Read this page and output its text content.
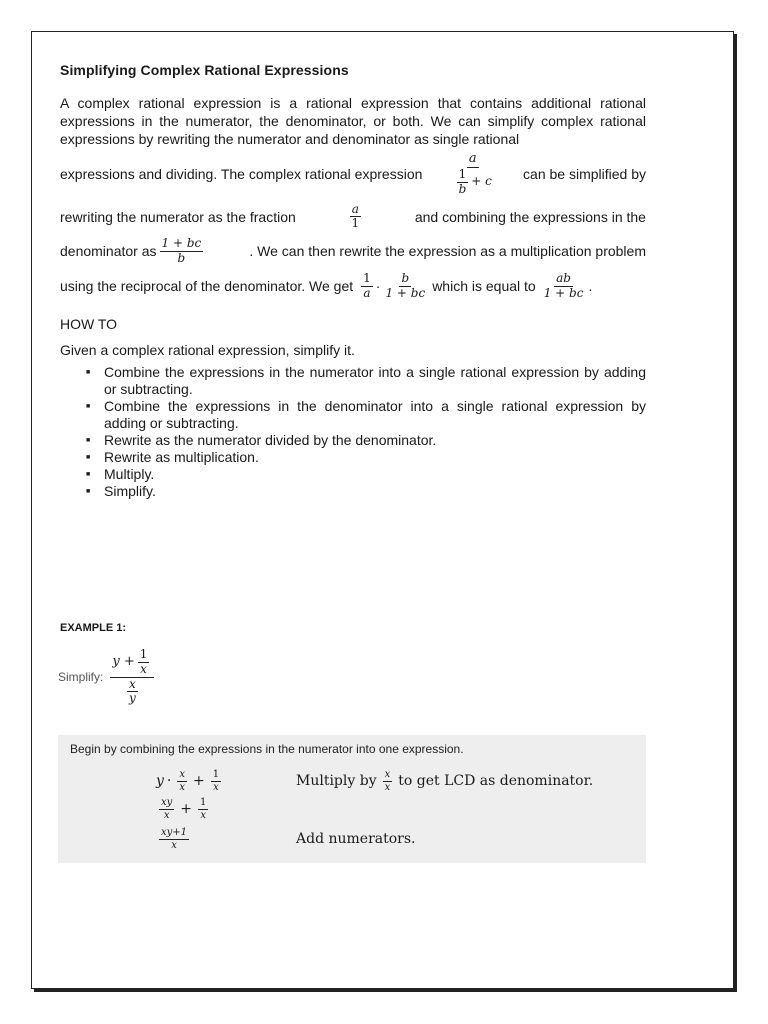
Simplifying Complex Rational Expressions

A complex rational expression is a rational expression that contains additional rational expressions in the numerator, the denominator, or both. We can simplify complex rational expressions by rewriting the numerator and denominator as single rational

expressions and dividing. The complex rational expression $\frac{a}{\frac{1}{b} + c}$ can be simplified by
rewriting the numerator as the fraction	$\frac{a}{1}$	and combining the expressions in the
denominator as $\frac{1 + bc}{b}$	. We can then rewrite the expression as a multiplication problem
using the reciprocal of the denominator. We get $\frac{1}{a} \cdot \frac{b}{1 + bc}$ which is equal to $\frac{ab}{1 + bc}$ .

HOW TO

Given a complex rational expression, simplify it.

■ Combine the expressions in the numerator into a single rational expression by adding or subtracting.
■ Combine the expressions in the denominator into a single rational expression by adding or subtracting.
■ Rewrite as the numerator divided by the denominator.
■ Rewrite as multiplication.
■ Multiply.
■ Simplify.
EXAMPLE 1:
Simplify: $\frac{y + \frac{1}{x}}{\frac{x}{y}}$
Begin by combining the expressions in the numerator into one expression.
$y \cdot \frac{x}{x} + \frac{1}{x}$	Multiply by $\frac{x}{x}$ to get LCD as denominator.
$\frac{xy}{x} + \frac{1}{x}$
$\frac{xy+1}{x}$	Add numerators.
